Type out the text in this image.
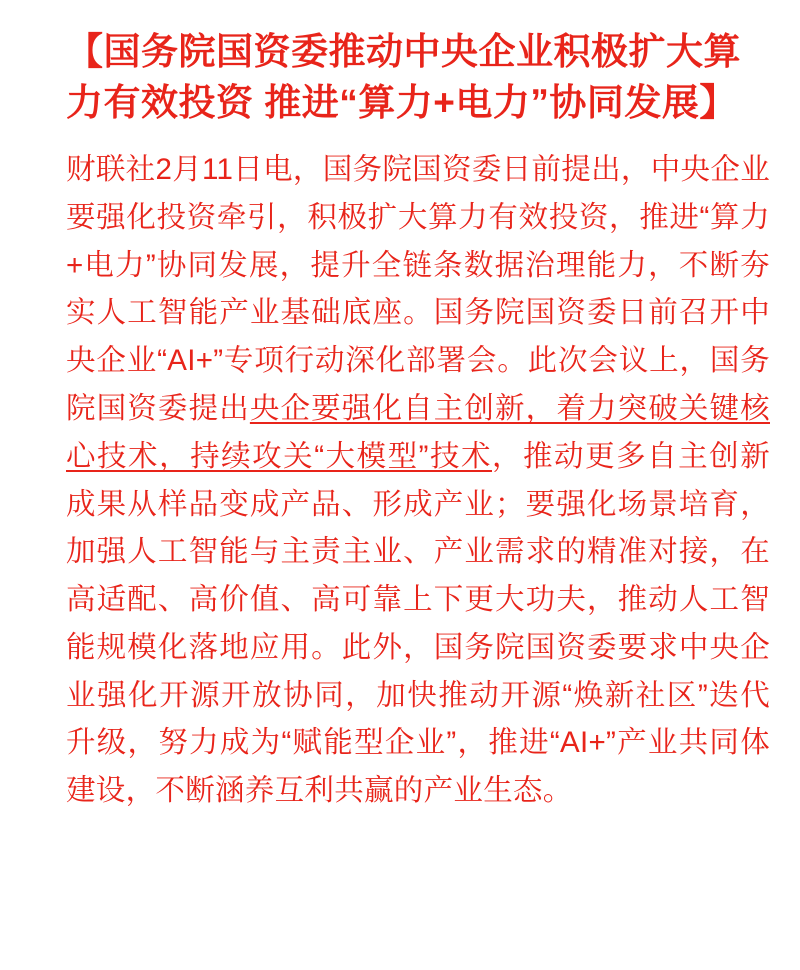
【国务院国资委推动中央企业积极扩大算力有效投资 推进“算力+电力”协同发展】

财联社2月11日电，国务院国资委日前提出，中央企业要强化投资牵引，积极扩大算力有效投资，推进“算力+电力”协同发展，提升全链条数据治理能力，不断夯实人工智能产业基础底座。国务院国资委日前召开中央企业“AI+”专项行动深化部署会。此次会议上，国务院国资委提出央企要强化自主创新，着力突破关键核心技术，持续攻关“大模型”技术，推动更多自主创新成果从样品变成产品、形成产业；要强化场景培育，加强人工智能与主责主业、产业需求的精准对接，在高适配、高价值、高可靠上下更大功夫，推动人工智能规模化落地应用。此外，国务院国资委要求中央企业强化开源开放协同，加快推动开源“焕新社区”迭代升级，努力成为“赋能型企业”，推进“AI+”产业共同体建设，不断涵养互利共赢的产业生态。
